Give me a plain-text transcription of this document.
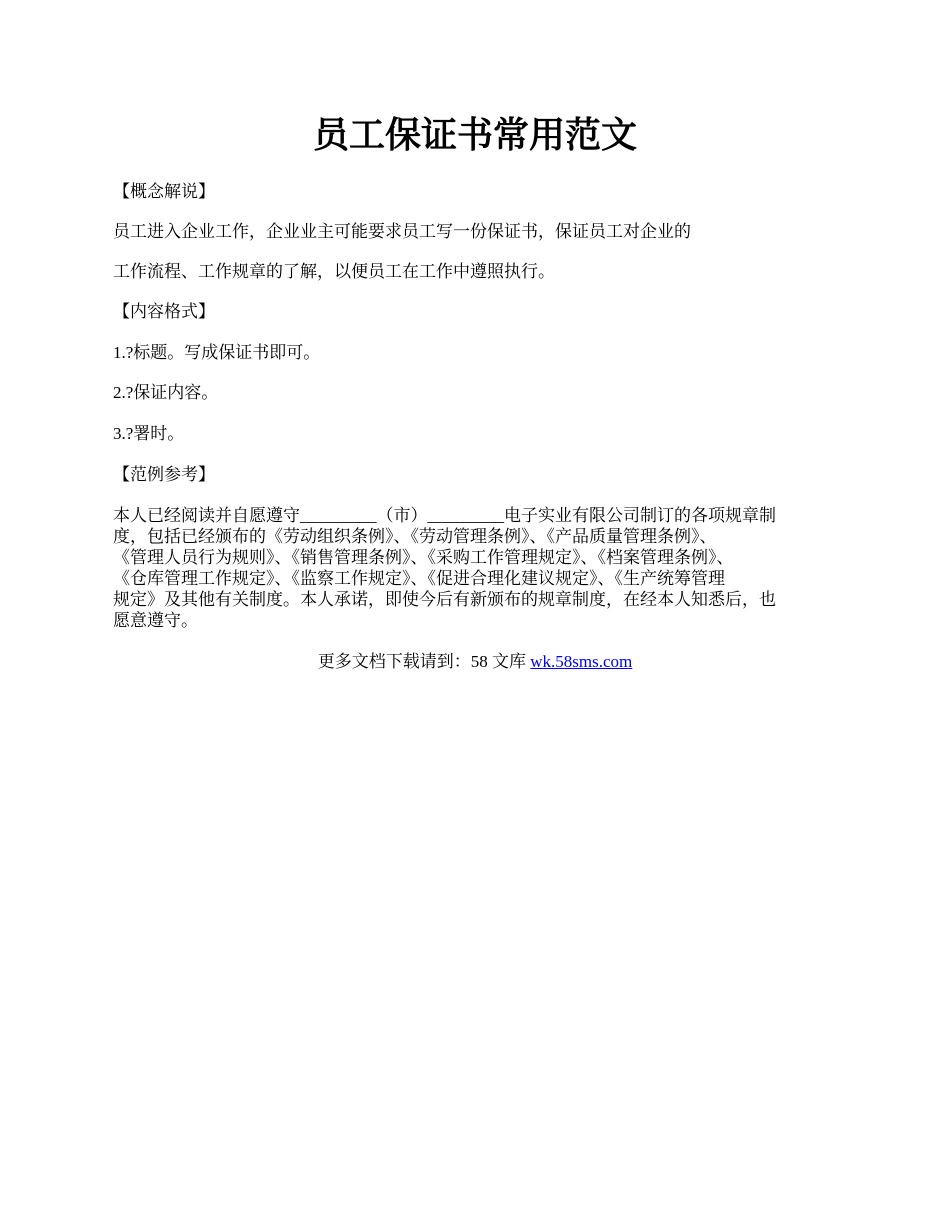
员工保证书常用范文

【概念解说】

员工进入企业工作，企业业主可能要求员工写一份保证书，保证员工对企业的

工作流程、工作规章的了解，以便员工在工作中遵照执行。

【内容格式】

1.?标题。写成保证书即可。

2.?保证内容。

3.?署时。

【范例参考】

本人已经阅读并自愿遵守_________（市）_________电子实业有限公司制订的各项规章制
度，包括已经颁布的《劳动组织条例》、《劳动管理条例》、《产品质量管理条例》、
《管理人员行为规则》、《销售管理条例》、《采购工作管理规定》、《档案管理条例》、
《仓库管理工作规定》、《监察工作规定》、《促进合理化建议规定》、《生产统筹管理
规定》及其他有关制度。本人承诺，即使今后有新颁布的规章制度，在经本人知悉后，也
愿意遵守。
更多文档下载请到：58 文库 wk.58sms.com
